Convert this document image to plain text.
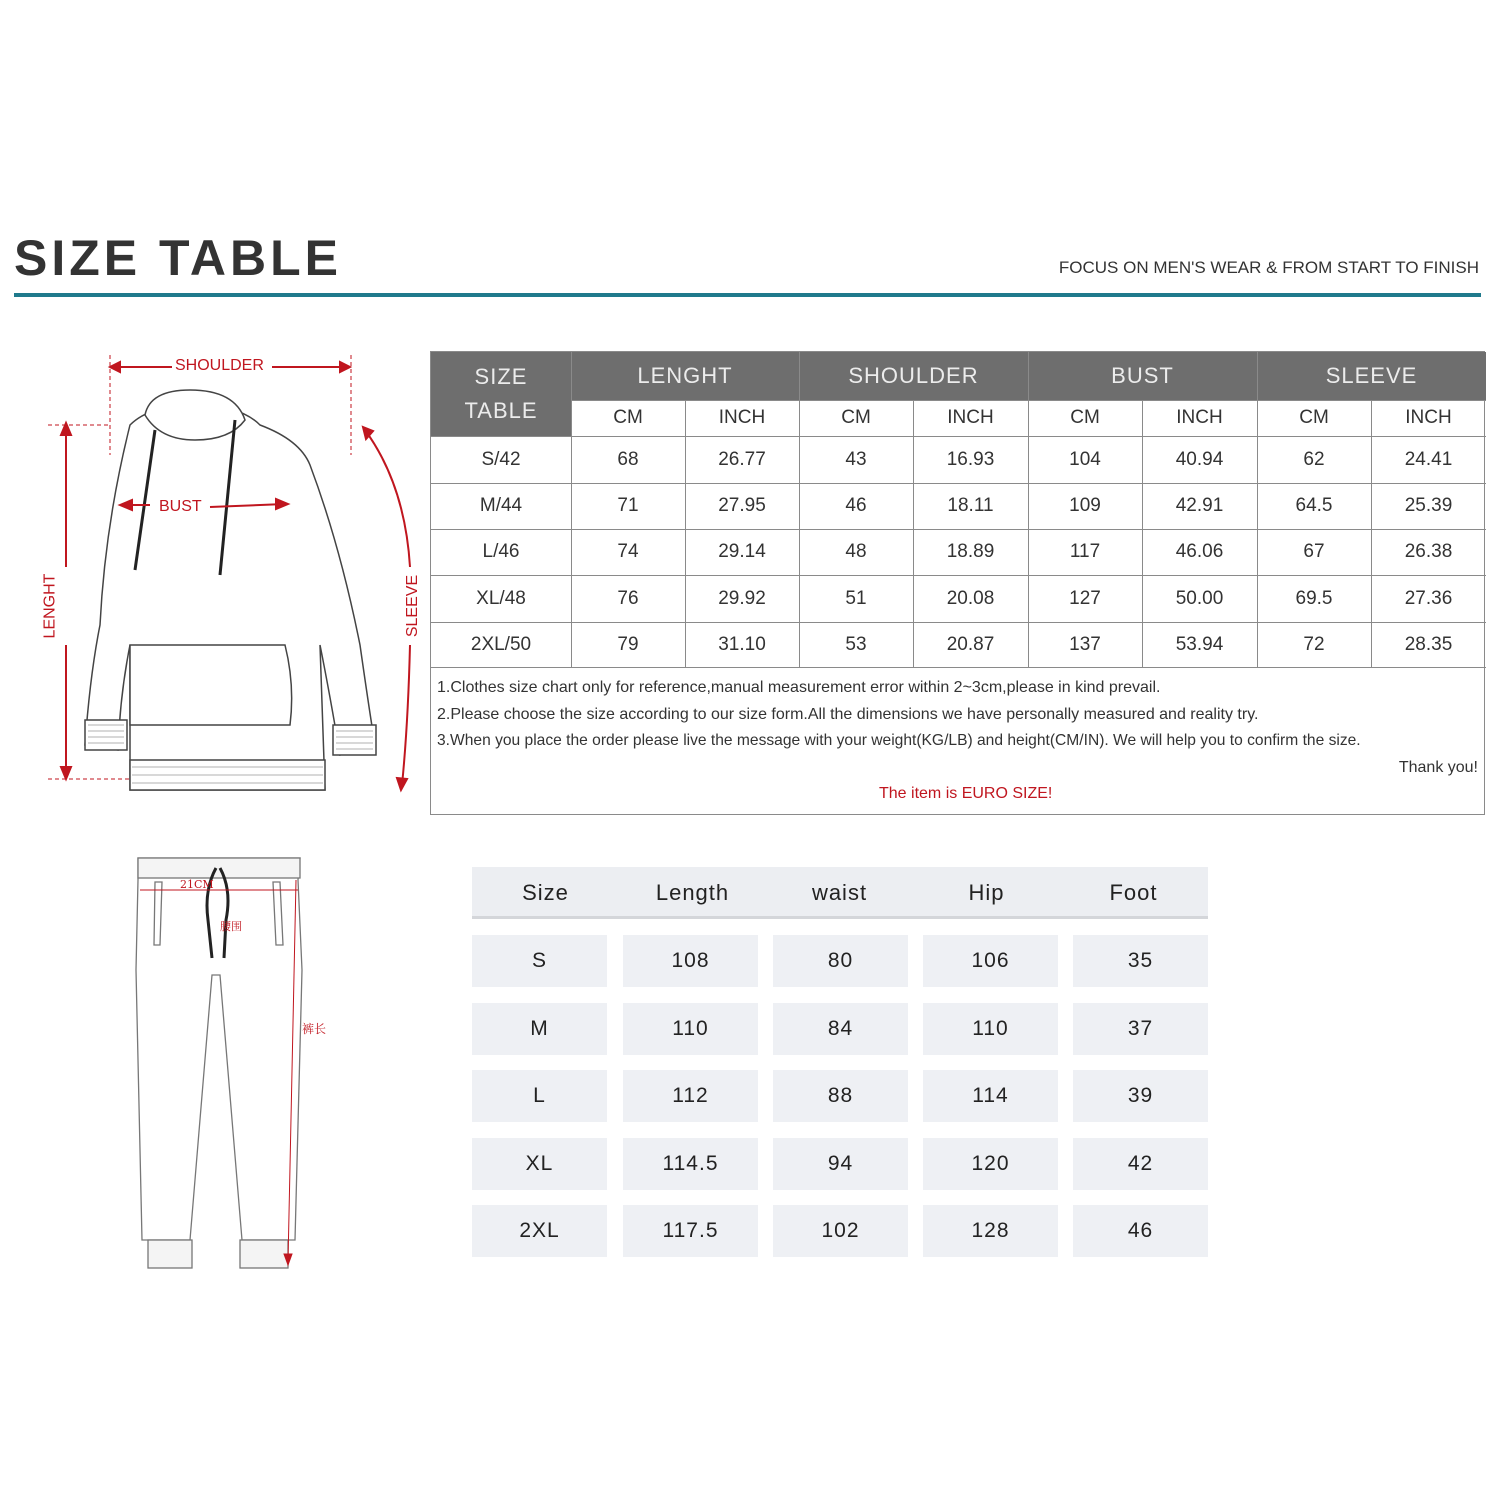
SIZE TABLE	FOCUS ON MEN'S WEAR & FROM START TO FINISH
SHOULDER
BUST
LENGHT	SLEEVE
SIZE
TABLE
LENGHT	SHOULDER	BUST	SLEEVE
CM	INCH	CM	INCH	CM	INCH	CM	INCH
S/42	68	26.77	43	16.93	104	40.94	62	24.41
M/44	71	27.95	46	18.11	109	42.91	64.5	25.39
L/46	74	29.14	48	18.89	117	46.06	67	26.38
XL/48	76	29.92	51	20.08	127	50.00	69.5	27.36
2XL/50	79	31.10	53	20.87	137	53.94	72	28.35
1.Clothes size chart only for reference,manual measurement error within 2~3cm,please in kind prevail.
2.Please choose the size according to our size form.All the dimensions we have personally measured and reality try.
3.When you place the order please live the message with your weight(KG/LB) and height(CM/IN). We will help you to confirm the size.
Thank you!
The item is EURO SIZE!
21CM
腰围
裤长
Size	Length	waist	Hip	Foot
S	108	80	106	35
M	110	84	110	37
L	112	88	114	39
XL	114.5	94	120	42
2XL	117.5	102	128	46
